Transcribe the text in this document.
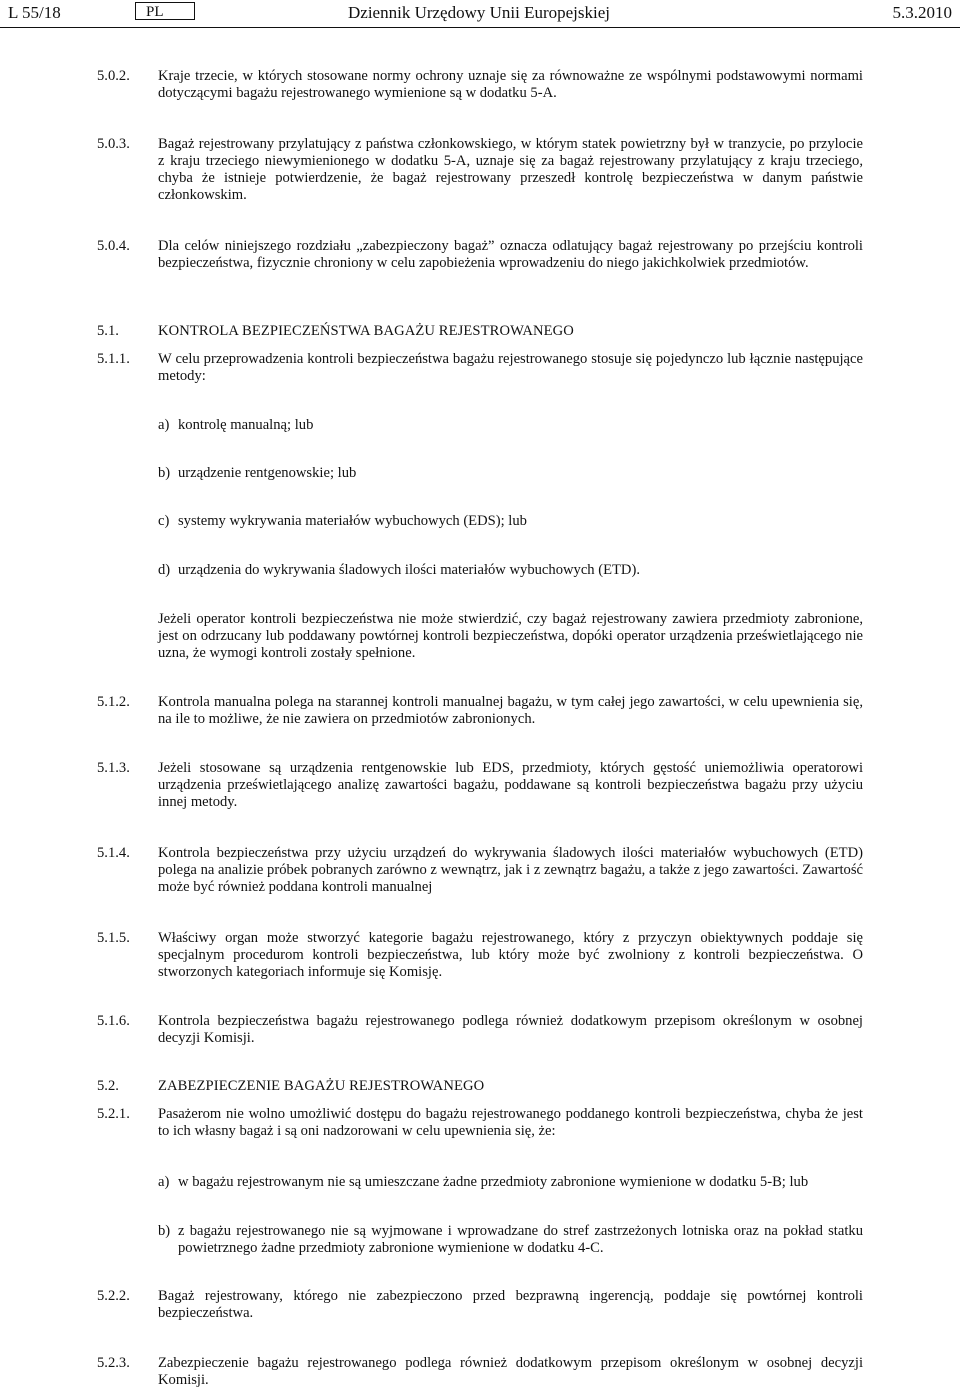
L 55/18	PL	Dziennik Urzędowy Unii Europejskiej	5.3.2010
5.0.2. Kraje trzecie, w których stosowane normy ochrony uznaje się za równoważne ze wspólnymi podstawowymi normami dotyczącymi bagażu rejestrowanego wymienione są w dodatku 5-A.
5.0.3. Bagaż rejestrowany przylatujący z państwa członkowskiego, w którym statek powietrzny był w tranzycie, po przylocie z kraju trzeciego niewymienionego w dodatku 5-A, uznaje się za bagaż rejestrowany przylatujący z kraju trzeciego, chyba że istnieje potwierdzenie, że bagaż rejestrowany przeszedł kontrolę bezpieczeństwa w danym państwie członkowskim.
5.0.4. Dla celów niniejszego rozdziału „zabezpieczony bagaż” oznacza odlatujący bagaż rejestrowany po przejściu kontroli bezpieczeństwa, fizycznie chroniony w celu zapobieżenia wprowadzeniu do niego jakichkolwiek przedmiotów.
5.1.	KONTROLA BEZPIECZEŃSTWA BAGAŻU REJESTROWANEGO
5.1.1. W celu przeprowadzenia kontroli bezpieczeństwa bagażu rejestrowanego stosuje się pojedynczo lub łącznie następujące metody:
a) kontrolę manualną; lub
b) urządzenie rentgenowskie; lub
c) systemy wykrywania materiałów wybuchowych (EDS); lub
d) urządzenia do wykrywania śladowych ilości materiałów wybuchowych (ETD).
Jeżeli operator kontroli bezpieczeństwa nie może stwierdzić, czy bagaż rejestrowany zawiera przedmioty zabronione, jest on odrzucany lub poddawany powtórnej kontroli bezpieczeństwa, dopóki operator urządzenia prześwietlającego nie uzna, że wymogi kontroli zostały spełnione.
5.1.2. Kontrola manualna polega na starannej kontroli manualnej bagażu, w tym całej jego zawartości, w celu upewnienia się, na ile to możliwe, że nie zawiera on przedmiotów zabronionych.
5.1.3. Jeżeli stosowane są urządzenia rentgenowskie lub EDS, przedmioty, których gęstość uniemożliwia operatorowi urządzenia prześwietlającego analizę zawartości bagażu, poddawane są kontroli bezpieczeństwa bagażu przy użyciu innej metody.
5.1.4. Kontrola bezpieczeństwa przy użyciu urządzeń do wykrywania śladowych ilości materiałów wybuchowych (ETD) polega na analizie próbek pobranych zarówno z wewnątrz, jak i z zewnątrz bagażu, a także z jego zawartości. Zawartość może być również poddana kontroli manualnej
5.1.5. Właściwy organ może stworzyć kategorie bagażu rejestrowanego, który z przyczyn obiektywnych poddaje się specjalnym procedurom kontroli bezpieczeństwa, lub który może być zwolniony z kontroli bezpieczeństwa. O stworzonych kategoriach informuje się Komisję.
5.1.6. Kontrola bezpieczeństwa bagażu rejestrowanego podlega również dodatkowym przepisom określonym w osobnej decyzji Komisji.
5.2.	ZABEZPIECZENIE BAGAŻU REJESTROWANEGO
5.2.1. Pasażerom nie wolno umożliwić dostępu do bagażu rejestrowanego poddanego kontroli bezpieczeństwa, chyba że jest to ich własny bagaż i są oni nadzorowani w celu upewnienia się, że:
a) w bagażu rejestrowanym nie są umieszczane żadne przedmioty zabronione wymienione w dodatku 5-B; lub
b) z bagażu rejestrowanego nie są wyjmowane i wprowadzane do stref zastrzeżonych lotniska oraz na pokład statku powietrznego żadne przedmioty zabronione wymienione w dodatku 4-C.
5.2.2. Bagaż rejestrowany, którego nie zabezpieczono przed bezprawną ingerencją, poddaje się powtórnej kontroli bezpieczeństwa.
5.2.3. Zabezpieczenie bagażu rejestrowanego podlega również dodatkowym przepisom określonym w osobnej decyzji Komisji.
